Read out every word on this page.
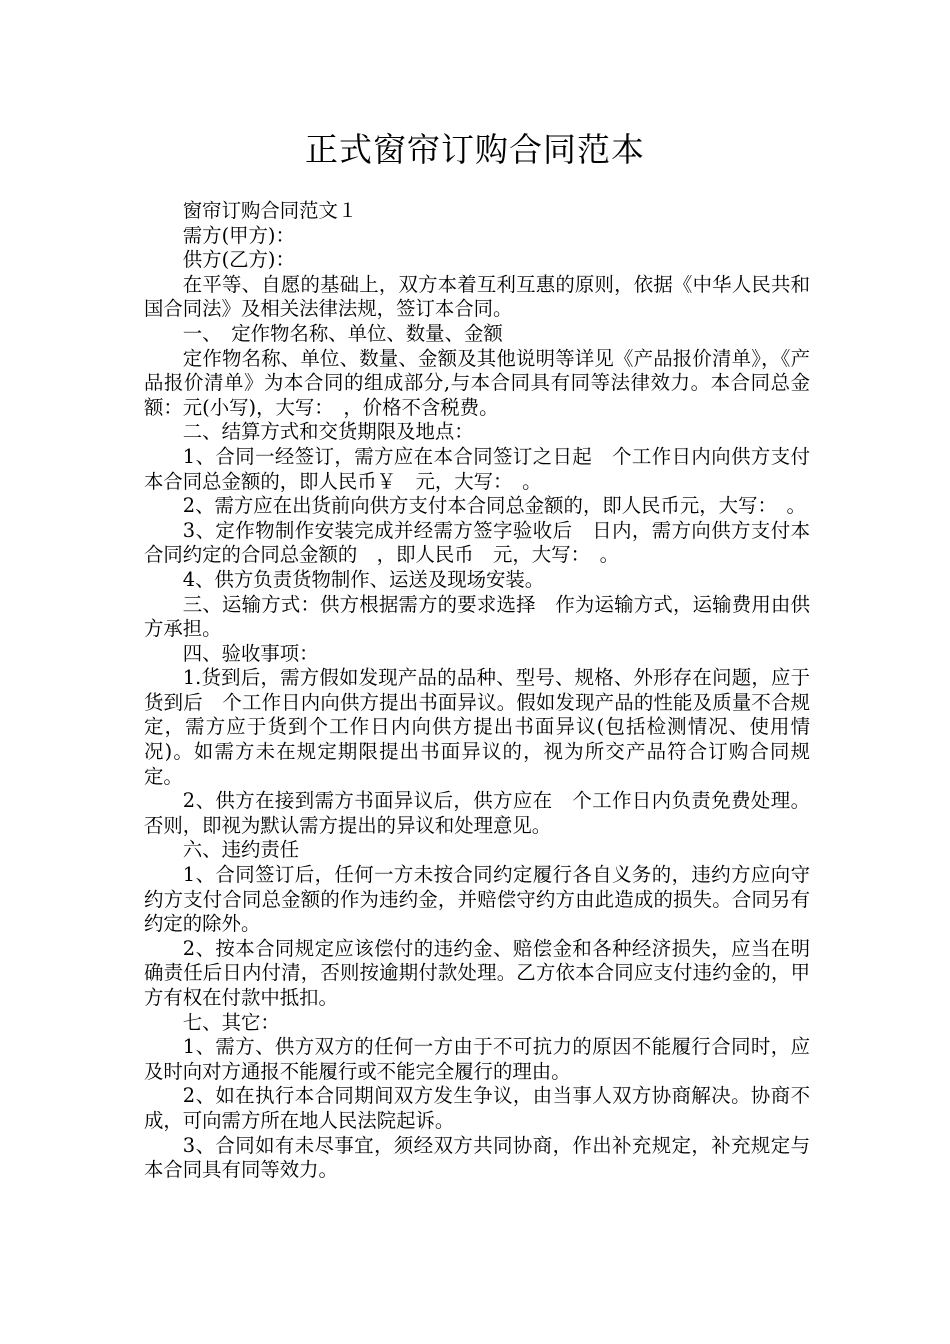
正式窗帘订购合同范本

窗帘订购合同范文１

需方(甲方)：

供方(乙方)：

在平等、自愿的基础上，双方本着互利互惠的原则，依据《中华人民共和国合同法》及相关法律法规，签订本合同。

一、　定作物名称、单位、数量、金额

定作物名称、单位、数量、金额及其他说明等详见《产品报价清单》，《产品报价清单》为本合同的组成部分,与本合同具有同等法律效力。本合同总金额：元(小写)，大写：　，价格不含税费。

二、结算方式和交货期限及地点：

1、合同一经签订，需方应在本合同签订之日起　个工作日内向供方支付本合同总金额的，即人民币￥　元，大写：　。

2、需方应在出货前向供方支付本合同总金额的，即人民币元，大写：　。

3、定作物制作安装完成并经需方签字验收后　日内，需方向供方支付本合同约定的合同总金额的　，即人民币　元，大写：　。

4、供方负责货物制作、运送及现场安装。

三、运输方式：供方根据需方的要求选择　作为运输方式，运输费用由供方承担。

四、验收事项：

1.货到后，需方假如发现产品的品种、型号、规格、外形存在问题，应于货到后　个工作日内向供方提出书面异议。假如发现产品的性能及质量不合规定，需方应于货到个工作日内向供方提出书面异议(包括检测情况、使用情况)。如需方未在规定期限提出书面异议的，视为所交产品符合订购合同规定。

2、供方在接到需方书面异议后，供方应在　个工作日内负责免费处理。否则，即视为默认需方提出的异议和处理意见。

六、违约责任

1、合同签订后，任何一方未按合同约定履行各自义务的，违约方应向守约方支付合同总金额的作为违约金，并赔偿守约方由此造成的损失。合同另有约定的除外。

2、按本合同规定应该偿付的违约金、赔偿金和各种经济损失，应当在明确责任后日内付清，否则按逾期付款处理。乙方依本合同应支付违约金的，甲方有权在付款中抵扣。

七、其它：

1、需方、供方双方的任何一方由于不可抗力的原因不能履行合同时，应及时向对方通报不能履行或不能完全履行的理由。

2、如在执行本合同期间双方发生争议，由当事人双方协商解决。协商不成，可向需方所在地人民法院起诉。

3、合同如有未尽事宜，须经双方共同协商，作出补充规定，补充规定与本合同具有同等效力。
